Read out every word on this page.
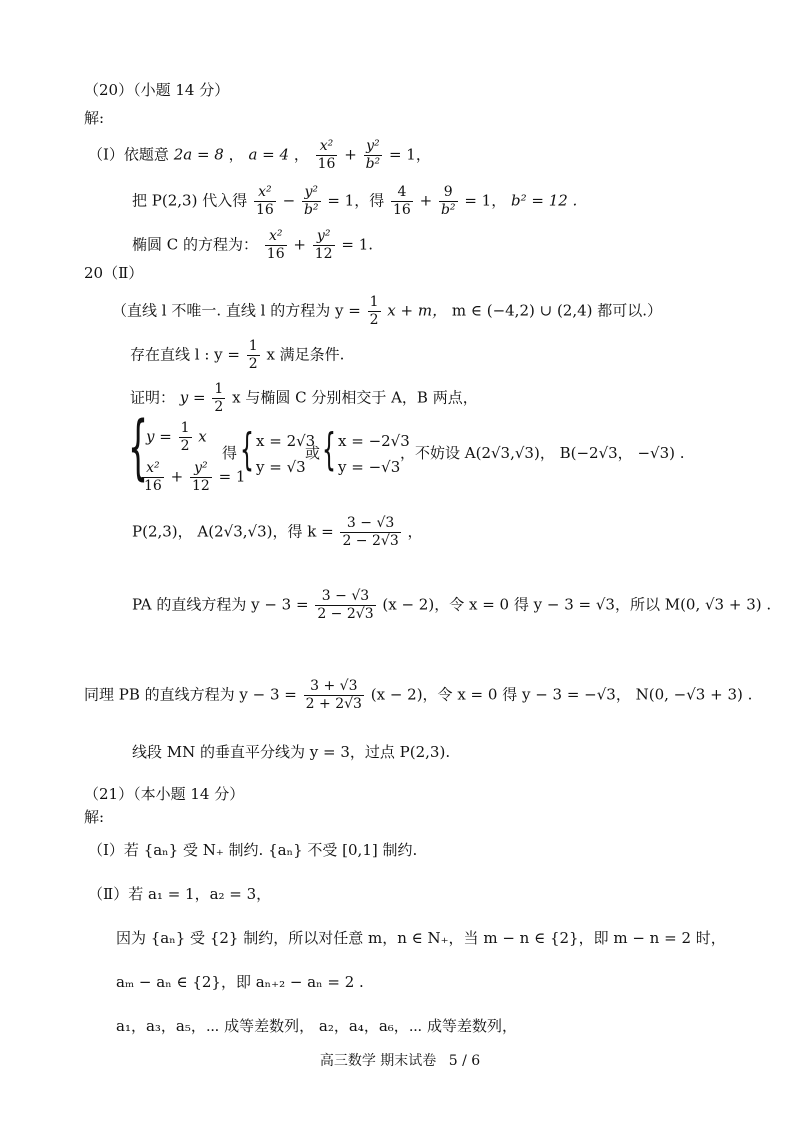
（20）（小题 14 分）
解:
（Ⅰ）依题意 2a = 8 ， a = 4 ， $\frac{\text{x²}}{16} + \frac{\text{y²}}{\text{b²}} = 1$，
把 P(2,3) 代入得 $\frac{\text{x²}}{16} - \frac{\text{y²}}{\text{b²}} = 1$，得 $\frac{4}{16} + \frac{9}{\text{b²}} = 1$， b² = 12 .
椭圆 C 的方程为： $\frac{\text{x²}}{16} + \frac{\text{y²}}{12} = 1$.
20（Ⅱ）
（直线 l 不唯一. 直线 l 的方程为 $y = \frac{1}{2}$ x + m， m ∈ (−4,2) ∪ (2,4) 都可以.）
存在直线 l : $y = \frac{1}{2}$ x 满足条件.
证明： $y = \frac{1}{2}$ x 与椭圆 C 分别相交于 A，B 两点，
{
$y = \frac{1}{2}$ x
$\frac{\text{x²}}{16} + \frac{\text{y²}}{12} = 1$
得 { x = 2√3
y = √3
或 { x = −2√3
y = −√3
，不妨设 A(2√3,√3)， B(−2√3， −√3) .
P(2,3)， A(2√3,√3)，得 $k = \frac{3 - √3}{2 - 2√3}$ ，
PA 的直线方程为 $y - 3 = \frac{3 - √3}{2 - 2√3} (x - 2)$，令 x = 0 得 y − 3 = √3，所以 M(0, √3 + 3) .
同理 PB 的直线方程为 $y - 3 = \frac{3 + √3}{2 + 2√3} (x - 2)$，令 x = 0 得 y − 3 = −√3， N(0, −√3 + 3) .
线段 MN 的垂直平分线为 y = 3，过点 P(2,3).
（21）（本小题 14 分）
解:
（Ⅰ）若 {aₙ} 受 N₊ 制约. {aₙ} 不受 [0,1] 制约.
（Ⅱ）若 a₁ = 1，a₂ = 3，
因为 {aₙ} 受 {2} 制约，所以对任意 m，n ∈ N₊，当 m − n ∈ {2}，即 m − n = 2 时，
aₘ − aₙ ∈ {2}，即 aₙ₊₂ − aₙ = 2 .
a₁，a₃，a₅，⋯ 成等差数列， a₂，a₄，a₆，⋯ 成等差数列，
高三数学 期末试卷 5 / 6
